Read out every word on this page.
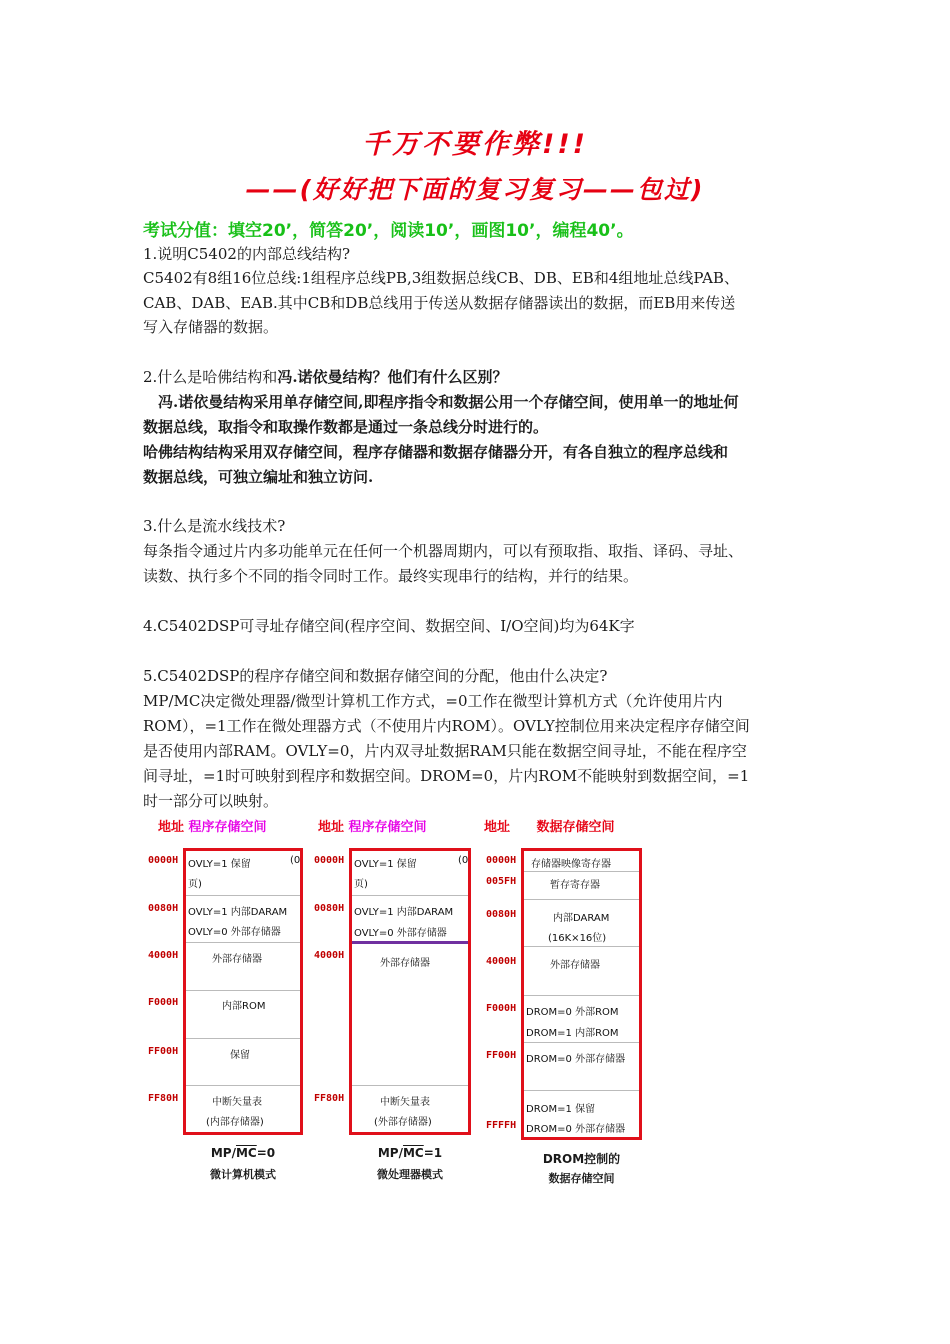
千万不要作弊!!!
——(好好把下面的复习复习——包过)
考试分值：填空20’，简答20’，阅读10’，画图10’，编程40’。
1.说明C5402的内部总线结构?
C5402有8组16位总线:1组程序总线PB,3组数据总线CB、DB、EB和4组地址总线PAB、
CAB、DAB、EAB.其中CB和DB总线用于传送从数据存储器读出的数据，而EB用来传送
写入存储器的数据。
2.什么是哈佛结构和冯.诺依曼结构？他们有什么区别？
　冯.诺依曼结构采用单存储空间,即程序指令和数据公用一个存储空间，使用单一的地址何
数据总线，取指令和取操作数都是通过一条总线分时进行的。
哈佛结构结构采用双存储空间，程序存储器和数据存储器分开，有各自独立的程序总线和
数据总线，可独立编址和独立访问.
3.什么是流水线技术?
每条指令通过片内多功能单元在任何一个机器周期内，可以有预取指、取指、译码、寻址、
读数、执行多个不同的指令同时工作。最终实现串行的结构，并行的结果。
4.C5402DSP可寻址存储空间(程序空间、数据空间、I/O空间)均为64K字
5.C5402DSP的程序存储空间和数据存储空间的分配，他由什么决定?
MP/MC决定微处理器/微型计算机工作方式，=0工作在微型计算机方式（允许使用片内
ROM），=1工作在微处理器方式（不使用片内ROM）。OVLY控制位用来决定程序存储空间
是否使用内部RAM。OVLY=0，片内双寻址数据RAM只能在数据空间寻址，不能在程序空
间寻址，=1时可映射到程序和数据空间。DROM=0，片内ROM不能映射到数据空间，=1
时一部分可以映射。
地址 程序存储空间
0000H
0080H
4000H
F000H
FF00H
FF80H
OVLY=1 保留	(0
页)
OVLY=1 内部DARAM
OVLY=0 外部存储器
外部存储器
内部ROM
保留
中断矢量表
(内部存储器)
$MP/\overline{MC}=0$
微计算机模式
地址 程序存储空间
0000H
0080H
4000H
FF80H
OVLY=1 保留	(0
页)
OVLY=1 内部DARAM
OVLY=0 外部存储器
外部存储器
中断矢量表
(外部存储器)
$MP/\overline{MC}=1$
微处理器模式
地址 数据存储空间
0000H
005FH
0080H
4000H
F000H
FF00H
FFFFH
存储器映像寄存器
暂存寄存器
内部DARAM
(16K×16位)
外部存储器
DROM=0 外部ROM
DROM=1 内部ROM
DROM=0 外部存储器
DROM=1 保留
DROM=0 外部存储器
DROM控制的
数据存储空间
